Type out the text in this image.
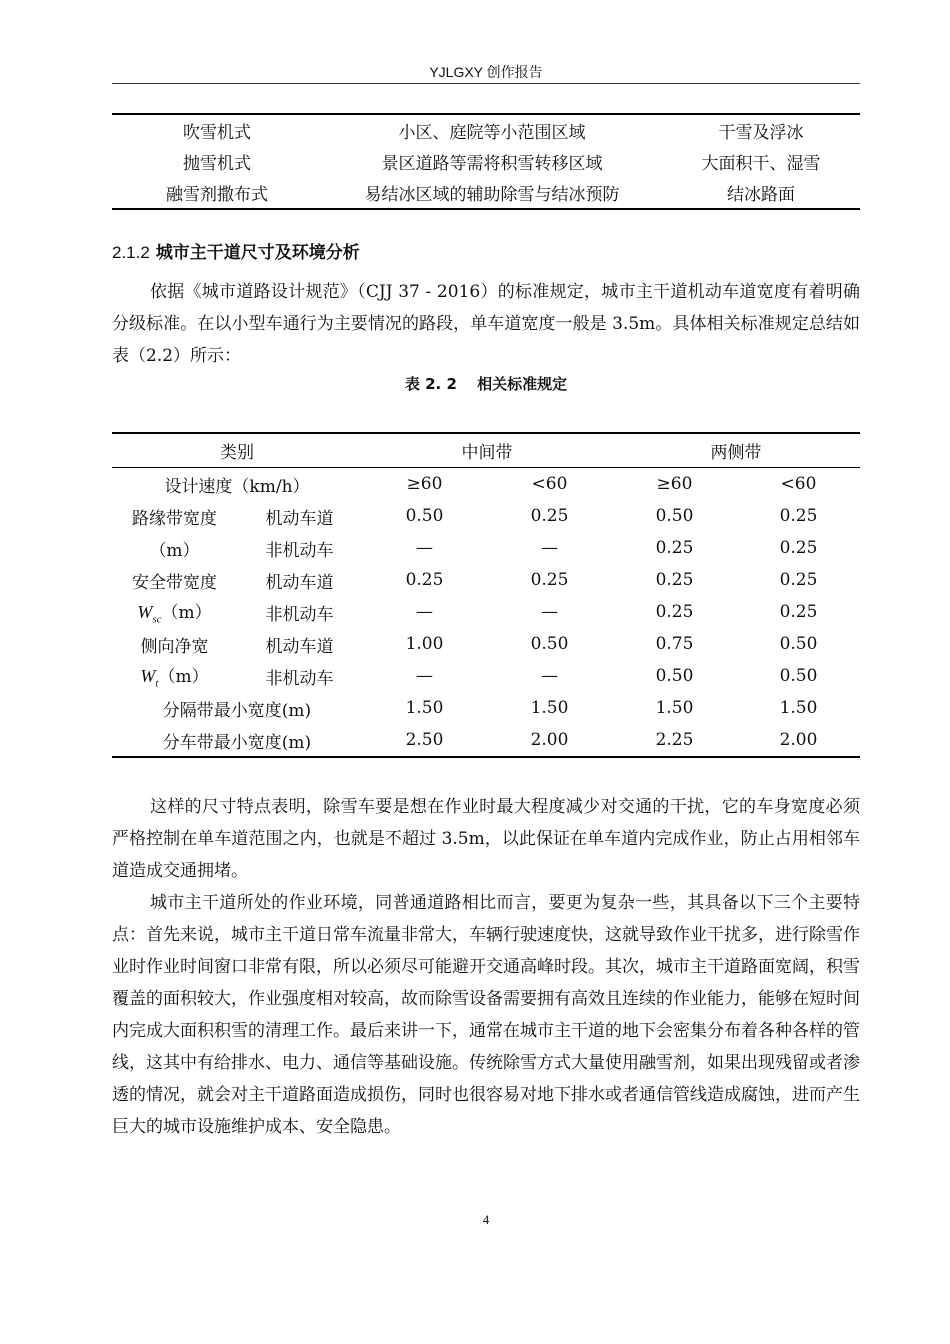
YJLGXY 创作报告
吹雪机式	小区、庭院等小范围区域	干雪及浮冰
抛雪机式	景区道路等需将积雪转移区域	大面积干、湿雪
融雪剂撒布式	易结冰区域的辅助除雪与结冰预防	结冰路面
2.1.2 城市主干道尺寸及环境分析

依据《城市道路设计规范》（CJJ 37 - 2016）的标准规定，城市主干道机动车道宽度有着明确分级标准。在以小型车通行为主要情况的路段，单车道宽度一般是 3.5m。具体相关标准规定总结如表（2.2）所示：

表 2. 2　 相关标准规定
类别		中间带		两侧带	
设计速度（km/h）		≥60	<60	≥60	<60
路缘带宽度	机动车道	0.50	0.25	0.50	0.25
（m）	非机动车	—	—	0.25	0.25
安全带宽度	机动车道	0.25	0.25	0.25	0.25
$W_{sc}(m)$	非机动车	—	—	0.25	0.25
侧向净宽	机动车道	1.00	0.50	0.75	0.50
$W_t(m)$	非机动车	—	—	0.50	0.50
分隔带最小宽度(m)		1.50	1.50	1.50	1.50
分车带最小宽度(m)		2.50	2.00	2.25	2.00

这样的尺寸特点表明，除雪车要是想在作业时最大程度减少对交通的干扰，它的车身宽度必须严格控制在单车道范围之内，也就是不超过 3.5m，以此保证在单车道内完成作业，防止占用相邻车道造成交通拥堵。

城市主干道所处的作业环境，同普通道路相比而言，要更为复杂一些，其具备以下三个主要特点：首先来说，城市主干道日常车流量非常大，车辆行驶速度快，这就导致作业干扰多，进行除雪作业时作业时间窗口非常有限，所以必须尽可能避开交通高峰时段。其次，城市主干道路面宽阔，积雪覆盖的面积较大，作业强度相对较高，故而除雪设备需要拥有高效且连续的作业能力，能够在短时间内完成大面积积雪的清理工作。最后来讲一下，通常在城市主干道的地下会密集分布着各种各样的管线，这其中有给排水、电力、通信等基础设施。传统除雪方式大量使用融雪剂，如果出现残留或者渗透的情况，就会对主干道路面造成损伤，同时也很容易对地下排水或者通信管线造成腐蚀，进而产生巨大的城市设施维护成本、安全隐患。

4
